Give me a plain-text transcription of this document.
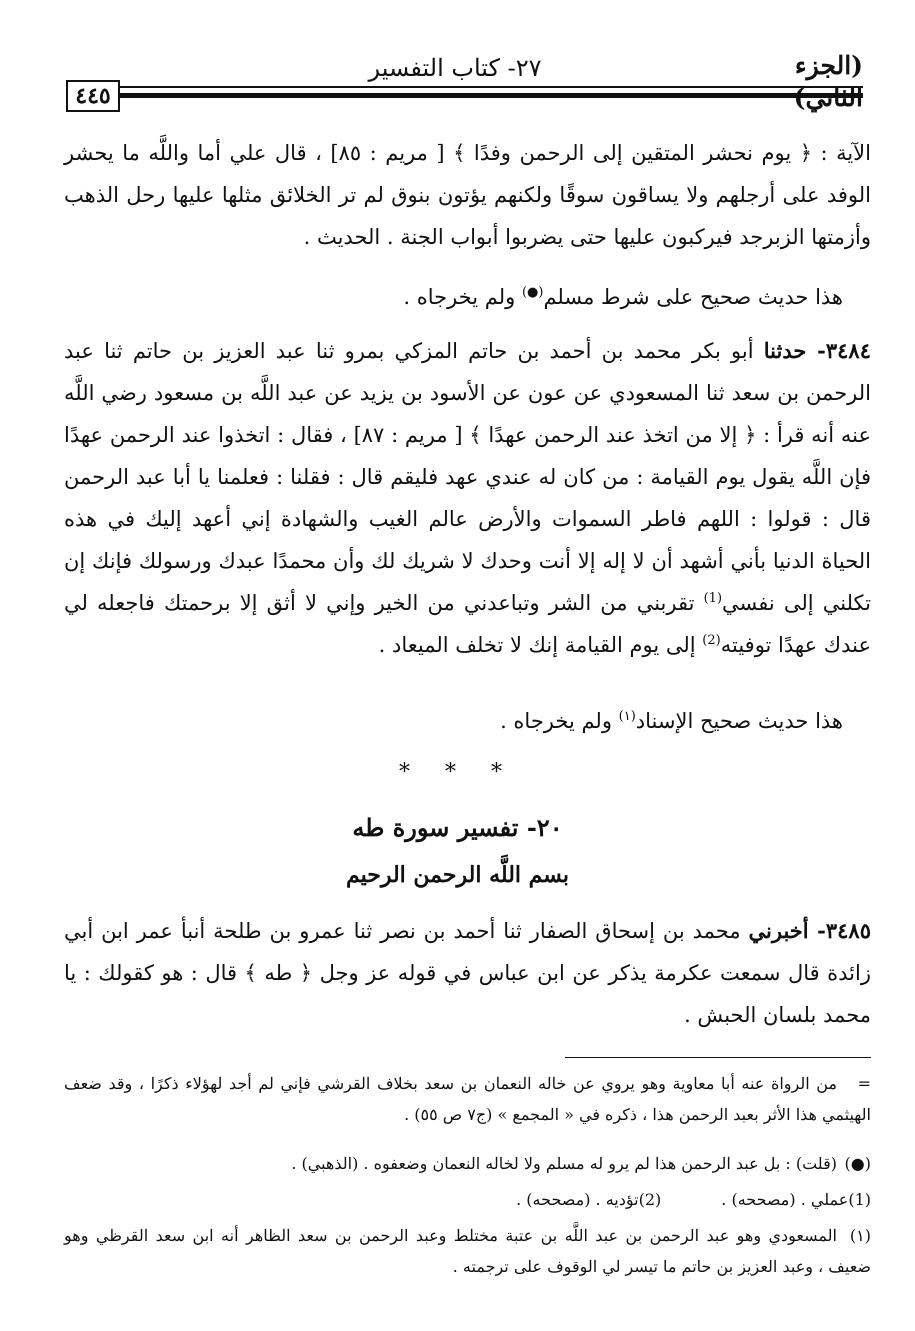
(الجزء الثاني)
٢٧- كتاب التفسير
٤٤٥
الآية : ﴿ يوم نحشر المتقين إلى الرحمن وفدًا ﴾ [ مريم : ٨٥] ، قال علي أما واللَّه ما يحشر الوفد على أرجلهم ولا يساقون سوقًا ولكنهم يؤتون بنوق لم تر الخلائق مثلها عليها رحل الذهب وأزمتها الزبرجد فيركبون عليها حتى يضربوا أبواب الجنة . الحديث .
هذا حديث صحيح على شرط مسلم(●) ولم يخرجاه .
٣٤٨٤- حدثنا أبو بكر محمد بن أحمد بن حاتم المزكي بمرو ثنا عبد العزيز بن حاتم ثنا عبد الرحمن بن سعد ثنا المسعودي عن عون عن الأسود بن يزيد عن عبد اللَّه بن مسعود رضي اللَّه عنه أنه قرأ : ﴿ إلا من اتخذ عند الرحمن عهدًا ﴾ [ مريم : ٨٧] ، فقال : اتخذوا عند الرحمن عهدًا فإن اللَّه يقول يوم القيامة : من كان له عندي عهد فليقم قال : فقلنا : فعلمنا يا أبا عبد الرحمن قال : قولوا : اللهم فاطر السموات والأرض عالم الغيب والشهادة إني أعهد إليك في هذه الحياة الدنيا بأني أشهد أن لا إله إلا أنت وحدك لا شريك لك وأن محمدًا عبدك ورسولك فإنك إن تكلني إلى نفسي$^{(1)}$ تقربني من الشر وتباعدني من الخير وإني لا أثق إلا برحمتك فاجعله لي عندك عهدًا توفيته$^{(2)}$ إلى يوم القيامة إنك لا تخلف الميعاد .
هذا حديث صحيح الإسناد$^{(١)}$ ولم يخرجاه .
* * *
٢٠- تفسير سورة طه
بسم اللَّه الرحمن الرحيم
٣٤٨٥- أخبرني محمد بن إسحاق الصفار ثنا أحمد بن نصر ثنا عمرو بن طلحة أنبأ عمر ابن أبي زائدة قال سمعت عكرمة يذكر عن ابن عباس في قوله عز وجل ﴿ طه ﴾ قال : هو كقولك : يا محمد بلسان الحبش .
=من الرواة عنه أبا معاوية وهو يروي عن خاله النعمان بن سعد بخلاف القرشي فإني لم أجد لهؤلاء ذكرًا ، وقد ضعف الهيثمي هذا الأثر بعبد الرحمن هذا ، ذكره في « المجمع » (ج٧ ص ٥٥) .
(●)(قلت) : بل عبد الرحمن هذا لم يرو له مسلم ولا لخاله النعمان وضعفوه . (الذهبي) .
(1)عملي . (مصححه) .
(2)تؤديه . (مصححه) .
(١)المسعودي وهو عبد الرحمن بن عبد اللَّه بن عتبة مختلط وعبد الرحمن بن سعد الظاهر أنه ابن سعد القرظي وهو ضعيف ، وعبد العزيز بن حاتم ما تيسر لي الوقوف على ترجمته .
